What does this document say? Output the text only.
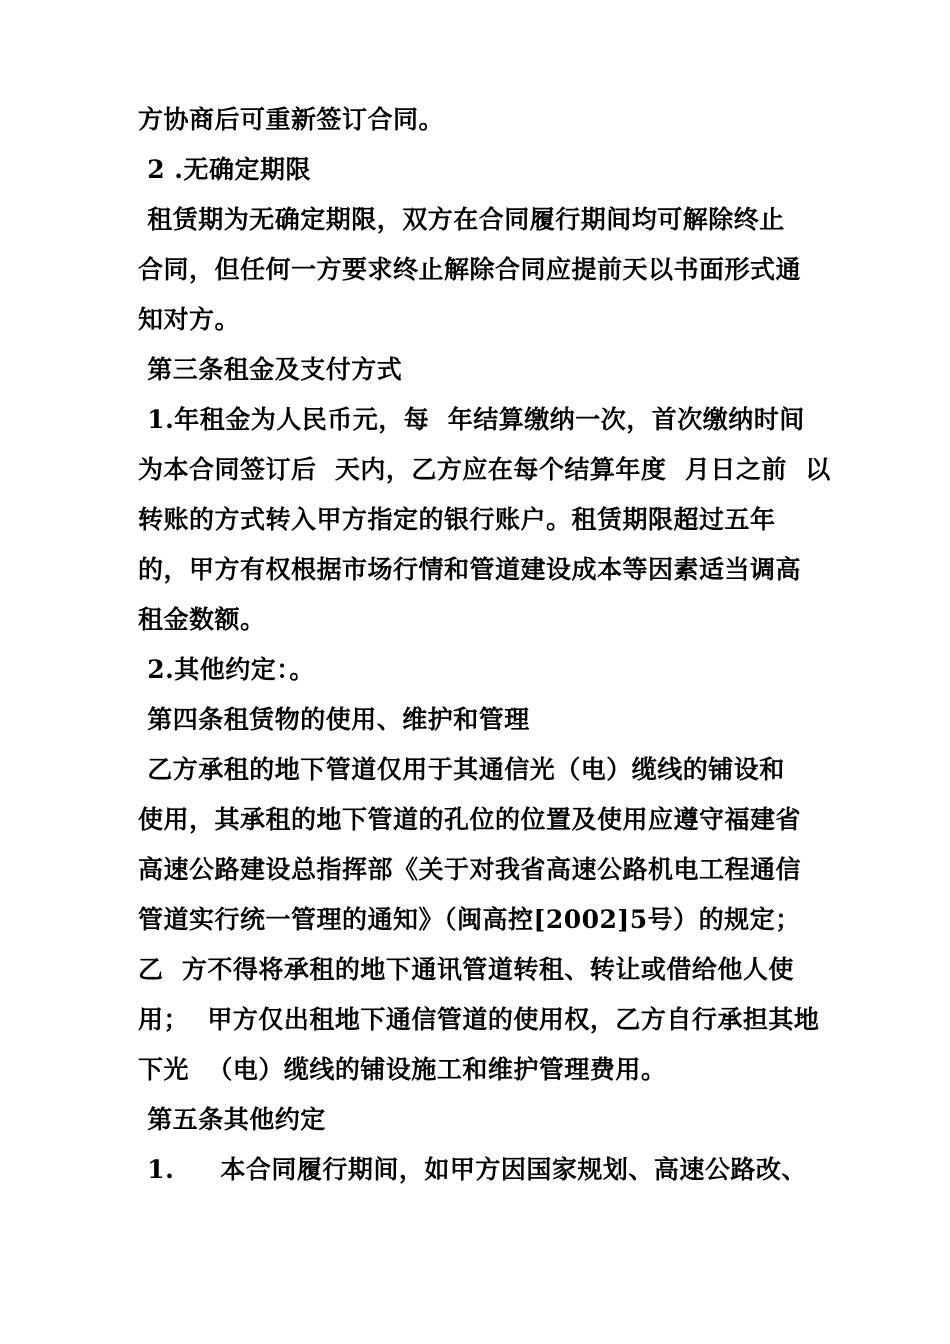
方协商后可重新签订合同。
2 .无确定期限
租赁期为无确定期限，双方在合同履行期间均可解除终止
合同，但任何一方要求终止解除合同应提前天以书面形式通
知对方。
第三条租金及支付方式
1.年租金为人民币元，每  年结算缴纳一次，首次缴纳时间
为本合同签订后  天内，乙方应在每个结算年度  月日之前  以
转账的方式转入甲方指定的银行账户。租赁期限超过五年
的，甲方有权根据市场行情和管道建设成本等因素适当调高
租金数额。
2.其他约定：。
第四条租赁物的使用、维护和管理
乙方承租的地下管道仅用于其通信光（电）缆线的铺设和
使用，其承租的地下管道的孔位的位置及使用应遵守福建省
高速公路建设总指挥部《关于对我省高速公路机电工程通信
管道实行统一管理的通知》（闽高控[2002]5号）的规定；
乙  方不得将承租的地下通讯管道转租、转让或借给他人使
用；  甲方仅出租地下通信管道的使用权，乙方自行承担其地
下光  （电）缆线的铺设施工和维护管理费用。
第五条其他约定
1.     本合同履行期间，如甲方因国家规划、高速公路改、
